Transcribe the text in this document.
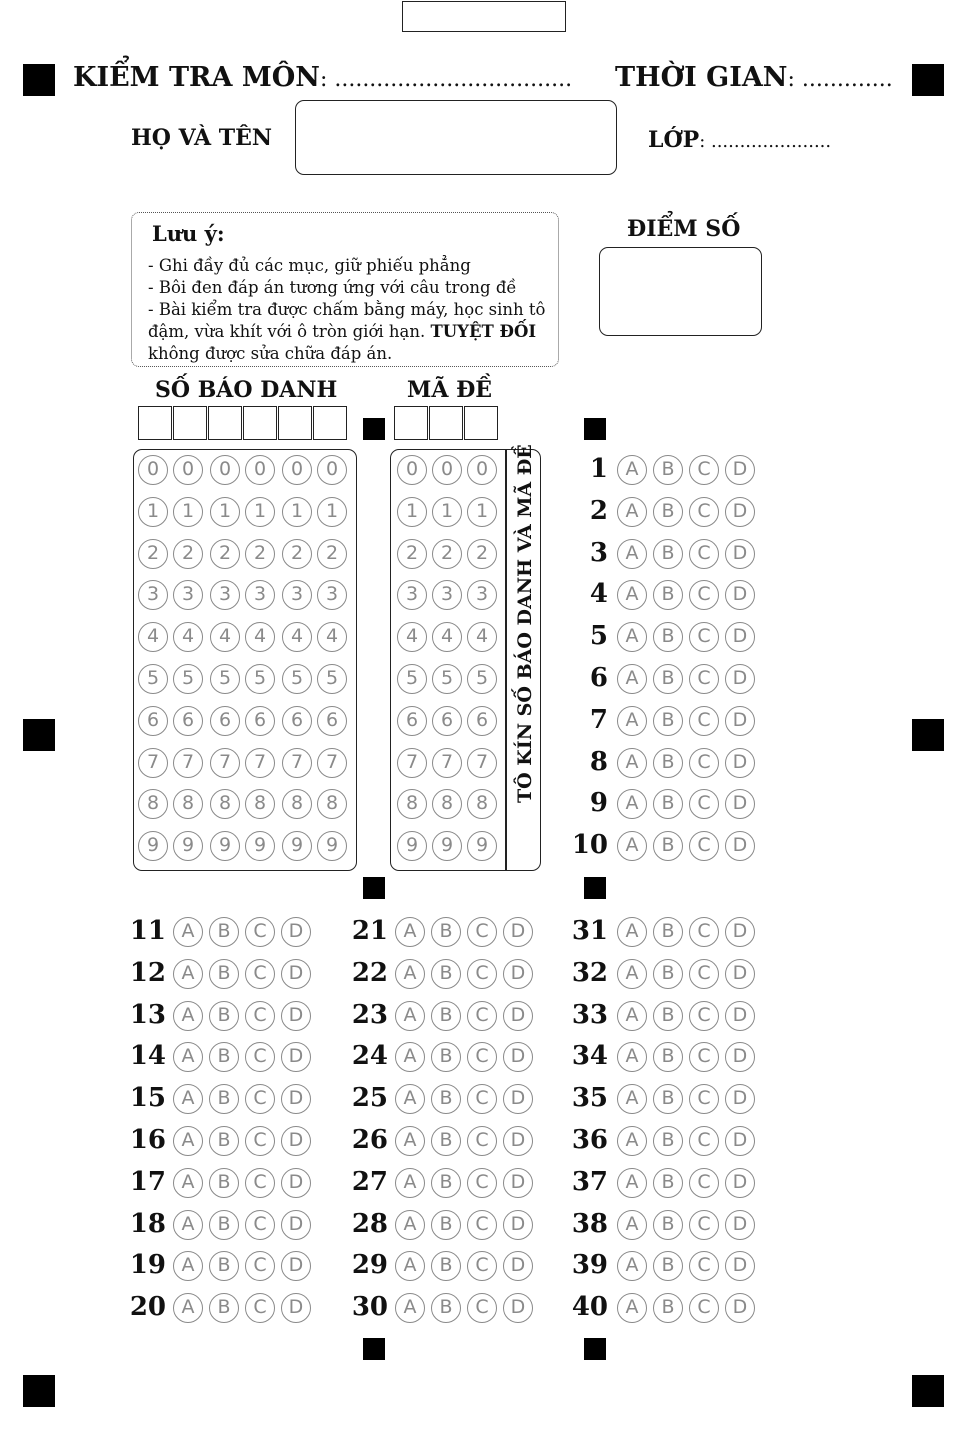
KIỂM TRA MÔN: .................................. THỜI GIAN: .............
HỌ VÀ TÊN	LỚP: .....................
Lưu ý:
- Ghi đầy đủ các mục, giữ phiếu phẳng
- Bôi đen đáp án tương ứng với câu trong đề
- Bài kiểm tra được chấm bằng máy, học sinh tô
đậm, vừa khít với ô tròn giới hạn. TUYỆT ĐỐI
không được sửa chữa đáp án.
ĐIỂM SỐ
SỐ BÁO DANH	MÃ ĐỀ
TÔ KÍN SỐ BÁO DANH VÀ MÃ ĐỀ
0	0	0	0	0	0
1	1	1	1	1	1
2	2	2	2	2	2
3	3	3	3	3	3
4	4	4	4	4	4
5	5	5	5	5	5
6	6	6	6	6	6
7	7	7	7	7	7
8	8	8	8	8	8
9	9	9	9	9	9
0	0	0
1	1	1
2	2	2
3	3	3
4	4	4
5	5	5
6	6	6
7	7	7
8	8	8
9	9	9
1 A	B	C	D
2 A	B	C	D
3 A	B	C	D
4 A	B	C	D
5 A	B	C	D
6 A	B	C	D
7 A	B	C	D
8 A	B	C	D
9 A	B	C	D
10 A	B	C	D
11 A	B	C	D
12 A	B	C	D
13 A	B	C	D
14 A	B	C	D
15 A	B	C	D
16 A	B	C	D
17 A	B	C	D
18 A	B	C	D
19 A	B	C	D
20 A	B	C	D
21 A	B	C	D
22 A	B	C	D
23 A	B	C	D
24 A	B	C	D
25 A	B	C	D
26 A	B	C	D
27 A	B	C	D
28 A	B	C	D
29 A	B	C	D
30 A	B	C	D
31 A	B	C	D
32 A	B	C	D
33 A	B	C	D
34 A	B	C	D
35 A	B	C	D
36 A	B	C	D
37 A	B	C	D
38 A	B	C	D
39 A	B	C	D
40 A	B	C	D
